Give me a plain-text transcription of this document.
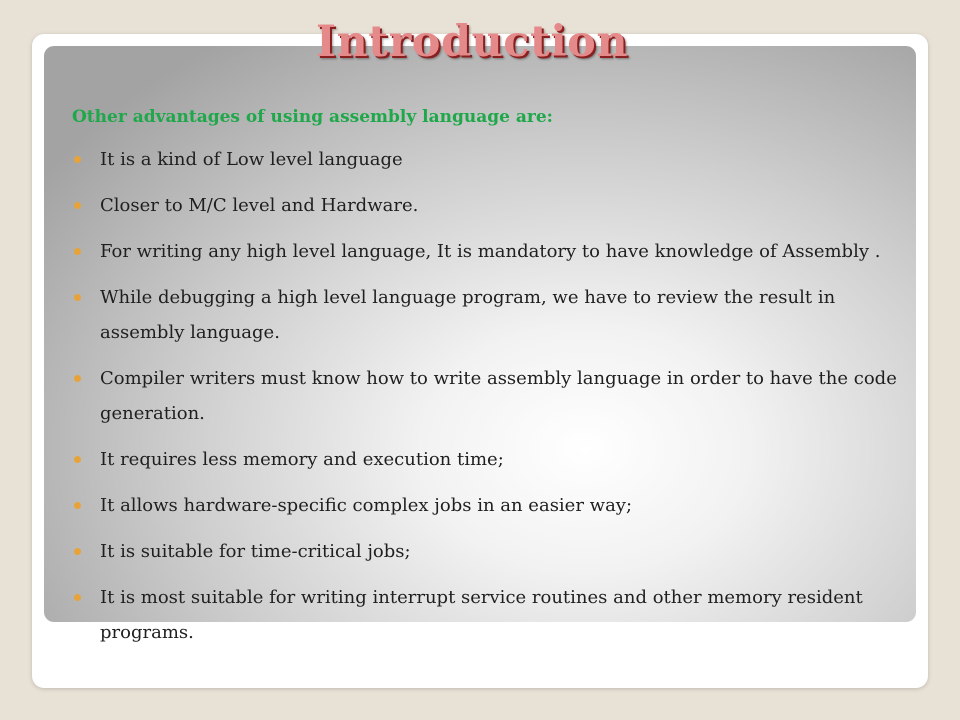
Introduction

Other advantages of using assembly language are:

It is a kind of Low level language
Closer to M/C level and Hardware.
For writing any high level language, It is mandatory to have knowledge of Assembly .
While debugging a high level language program, we have to review the result in assembly language.
Compiler writers must know how to write assembly language in order to have the code generation.
It requires less memory and execution time;
It allows hardware-specific complex jobs in an easier way;
It is suitable for time-critical jobs;
It is most suitable for writing interrupt service routines and other memory resident programs.
